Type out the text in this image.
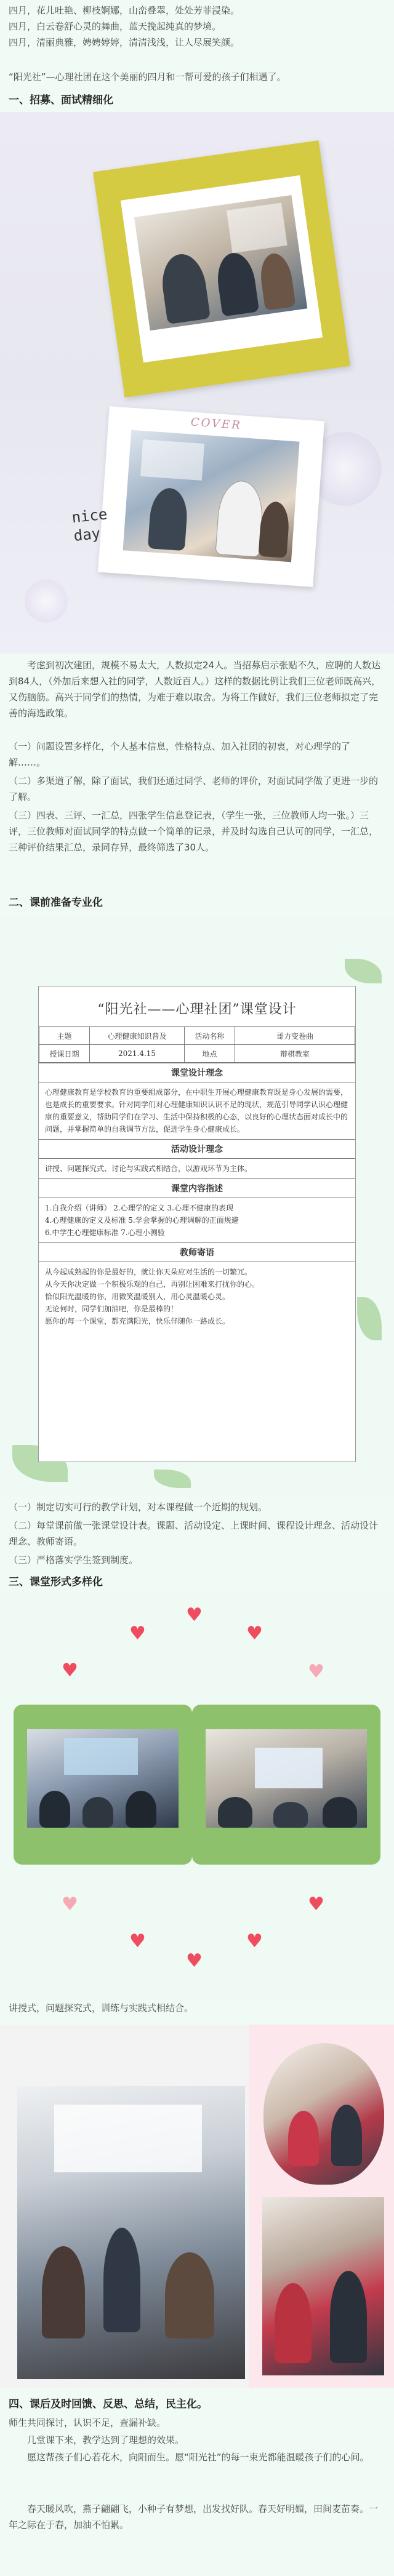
四月，花儿吐艳、柳枝婀娜，山峦叠翠，处处芳菲浸染。

四月，白云卷舒心灵的舞曲，蓝天挽起纯真的梦境。

四月，清丽典雅，娉娉婷婷，清清浅浅，让人尽展笑颜。

“阳光社”—心理社团在这个美丽的四月和一帮可爱的孩子们相遇了。

一、招募、面试精细化
COVER
nice day

考虑到初次建团，规模不易太大，人数拟定24人。当招募启示张贴不久，应聘的人数达到84人，（外加后来想入社的同学，人数近百人。）这样的数据比例让我们三位老师既高兴，又伤脑筋。高兴于同学们的热情，为难于难以取舍。为将工作做好，我们三位老师拟定了完善的海选政策。

（一）问题设置多样化，个人基本信息，性格特点、加入社团的初衷，对心理学的了解……。

（二）多渠道了解，除了面试，我们还通过同学、老师的评价，对面试同学做了更进一步的了解。

（三）四表、三评、一汇总，四张学生信息登记表，（学生一张，三位教师人均一张。）三评，三位教师对面试同学的特点做一个简单的记录，并及时勾选自己认可的同学，一汇总，三种评价结果汇总，录同存异，最终筛选了30人。

二、课前准备专业化
“阳光社——心理社团”课堂设计
主题	心理健康知识普及	活动名称	哥力变卷曲
授课日期	2021.4.15	地点	辩棋教室
课堂设计理念
心理健康教育是学校教育的重要组成部分，在中职生开展心理健康教育既是身心发展的需要，也是成长的重要要求。针对同学们对心理健康知识认识不足的现状，规范引导同学认识心理健康的重要意义，帮助同学们在学习、生活中保持积极的心态，以良好的心理状态面对成长中的问题，并掌握简单的自我调节方法，促进学生身心健康成长。
活动设计理念
讲授、问题探究式、讨论与实践式相结合，以游戏环节为主体。
课堂内容指述
1.自我介绍（讲师） 2.心理学的定义 3.心理不健康的表现
4.心理健康的定义及标准 5.学会掌握的心理调解的正面规避
6.中学生心理健康标准 7.心理小测验
教师寄语
从今起成熟起的你是最好的，就让你天朵应对生活的一切繁冗。
从今天你决定做一个积极乐观的自己，再别让困难来打扰你的心。
恰似阳光温暖的你，用微笑温暖别人，用心灵温暖心灵。
无论何时，同学们加油吧，你是最棒的！
愿你的每一个课堂，都充满阳光，快乐伴随你一路成长。

（一）制定切实可行的教学计划，对本课程做一个近期的规划。

（二）每堂课前做一张课堂设计表。课题、活动设定、上课时间、课程设计理念、活动设计理念、教师寄语。

（三）严格落实学生签到制度。

三、课堂形式多样化
♥
♥
♥
♥	♥
♥	♥
♥
♥
♥

讲授式，问题探究式，训练与实践式相结合。

四、课后及时回馈、反思、总结，民主化。

师生共同探讨，认识不足，查漏补缺。

几堂课下来，教学达到了理想的效果。

愿这帮孩子们心若花木，向阳而生。愿“阳光社”的每一束光都能温暖孩子们的心间。

春天暖风吹，燕子翩翩飞，小种子有梦想，出发找好队。春天好明媚，田间麦苗奏。一年之际在于春，加油不怕累。
